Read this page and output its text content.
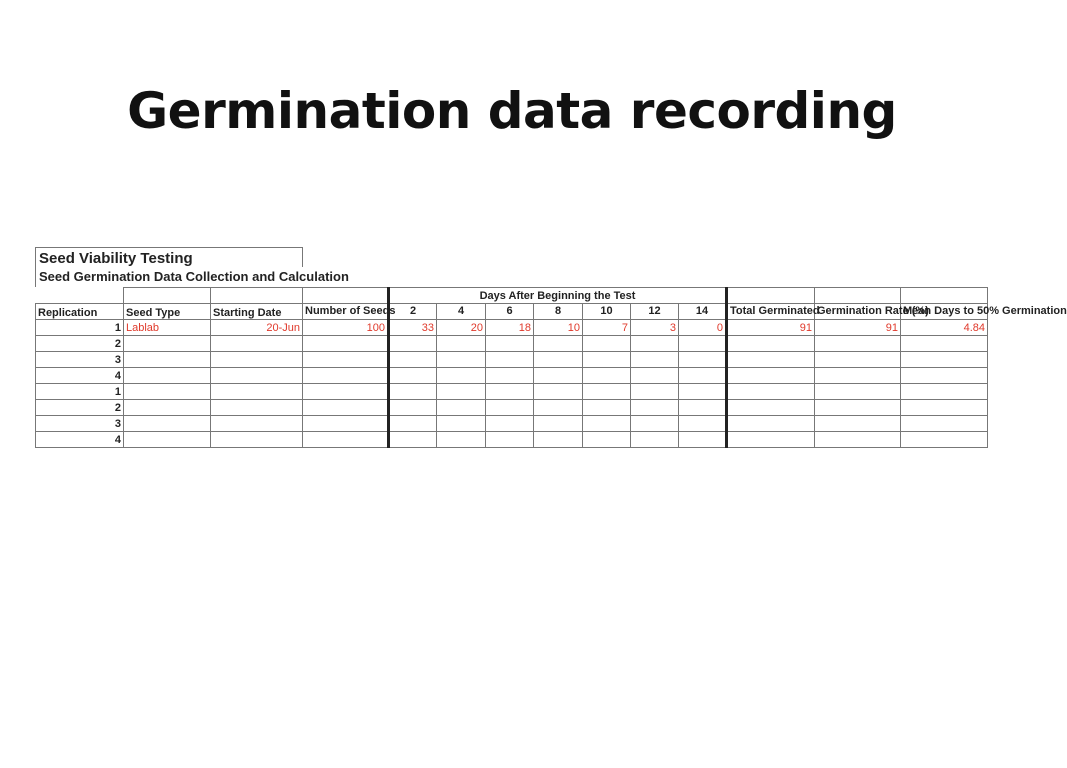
Germination data recording
Seed Viability Testing
Seed Germination Data Collection and Calculation
				Days After Beginning the Test									
Replication	Seed Type	Starting Date	Number of Seeds	2	4	6	8	10	12	14	Total Germinated	Germination Rate (%)	Mean Days to 50% Germination
1	Lablab	20-Jun	100	33	20	18	10	7	3	0	91	91	4.84
2													
3													
4													
1													
2													
3													
4													
